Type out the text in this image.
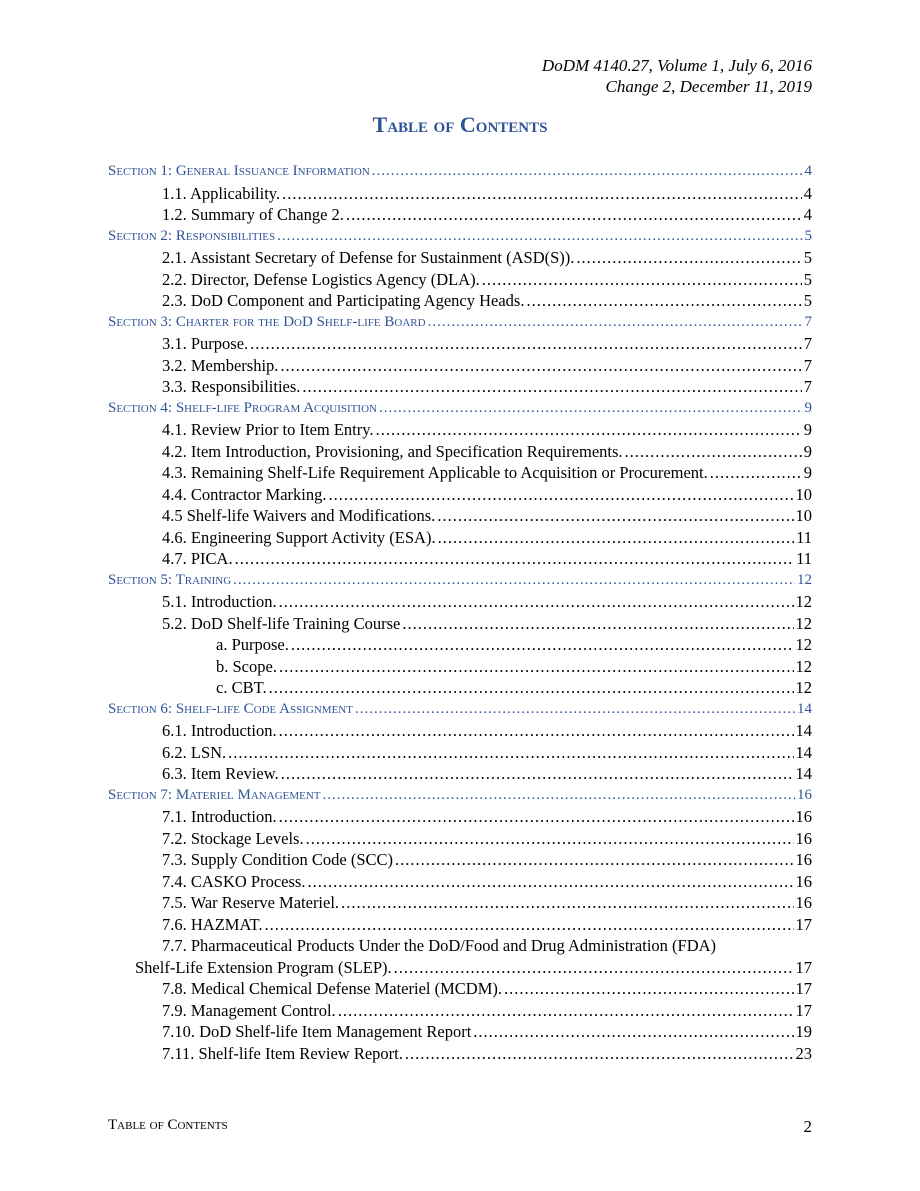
DoDM 4140.27, Volume 1, July 6, 2016
Change 2, December 11, 2019
Table of Contents
Section 1: General Issuance Information .....	4
1.1. Applicability. .....	4
1.2. Summary of Change 2. .....	4
Section 2: Responsibilities .....	5
2.1. Assistant Secretary of Defense for Sustainment (ASD(S)). .....	5
2.2. Director, Defense Logistics Agency (DLA). .....	5
2.3. DoD Component and Participating Agency Heads. .....	5
Section 3: Charter for the DoD Shelf-life Board .....	7
3.1. Purpose. .....	7
3.2. Membership. .....	7
3.3. Responsibilities. .....	7
Section 4: Shelf-life Program Acquisition .....	9
4.1. Review Prior to Item Entry. .....	9
4.2. Item Introduction, Provisioning, and Specification Requirements. .....	9
4.3. Remaining Shelf-Life Requirement Applicable to Acquisition or Procurement. .....	9
4.4. Contractor Marking. .....	10
4.5 Shelf-life Waivers and Modifications. .....	10
4.6. Engineering Support Activity (ESA). .....	11
4.7. PICA. .....	11
Section 5: Training .....	12
5.1. Introduction. .....	12
5.2. DoD Shelf-life Training Course .....	12
a. Purpose. .....	12
b. Scope. .....	12
c. CBT. .....	12
Section 6: Shelf-life Code Assignment .....	14
6.1. Introduction. .....	14
6.2. LSN. .....	14
6.3. Item Review. .....	14
Section 7: Materiel Management .....	16
7.1. Introduction. .....	16
7.2. Stockage Levels. .....	16
7.3. Supply Condition Code (SCC) .....	16
7.4. CASKO Process. .....	16
7.5. War Reserve Materiel. .....	16
7.6. HAZMAT. .....	17
7.7. Pharmaceutical Products Under the DoD/Food and Drug Administration (FDA)
Shelf-Life Extension Program (SLEP). .....	17
7.8. Medical Chemical Defense Materiel (MCDM). .....	17
7.9. Management Control. .....	17
7.10. DoD Shelf-life Item Management Report .....	19
7.11. Shelf-life Item Review Report. .....	23
Table of Contents	2
